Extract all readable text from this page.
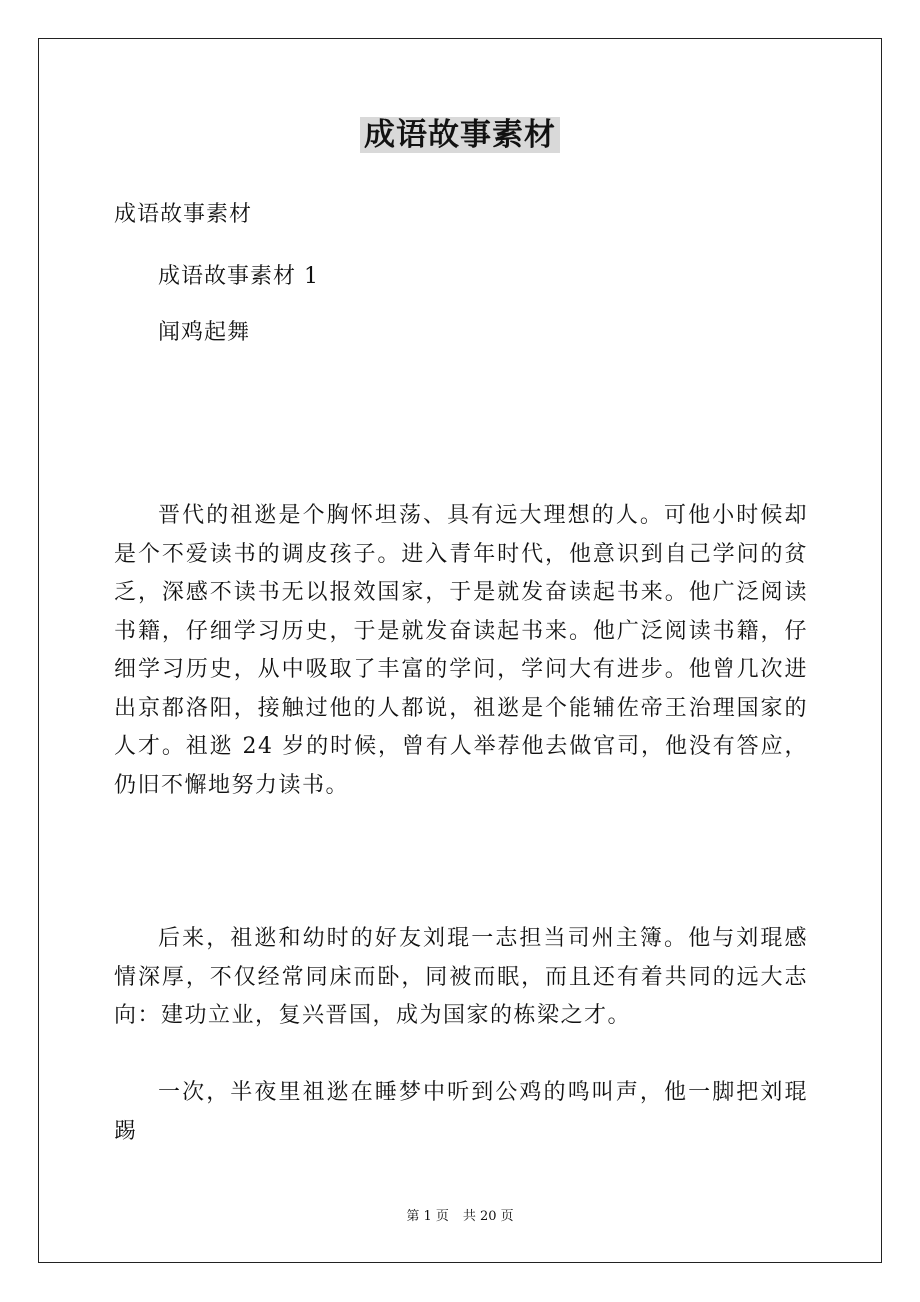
成语故事素材
成语故事素材
成语故事素材 1
闻鸡起舞

晋代的祖逖是个胸怀坦荡、具有远大理想的人。可他小时候却是个不爱读书的调皮孩子。进入青年时代，他意识到自己学问的贫乏，深感不读书无以报效国家，于是就发奋读起书来。他广泛阅读书籍，仔细学习历史，于是就发奋读起书来。他广泛阅读书籍，仔细学习历史，从中吸取了丰富的学问，学问大有进步。他曾几次进出京都洛阳，接触过他的人都说，祖逖是个能辅佐帝王治理国家的人才。祖逖 24 岁的时候，曾有人举荐他去做官司，他没有答应，仍旧不懈地努力读书。

后来，祖逖和幼时的好友刘琨一志担当司州主簿。他与刘琨感情深厚，不仅经常同床而卧，同被而眠，而且还有着共同的远大志向：建功立业，复兴晋国，成为国家的栋梁之才。

一次，半夜里祖逖在睡梦中听到公鸡的鸣叫声，他一脚把刘琨踢

第 1 页 共 20 页
